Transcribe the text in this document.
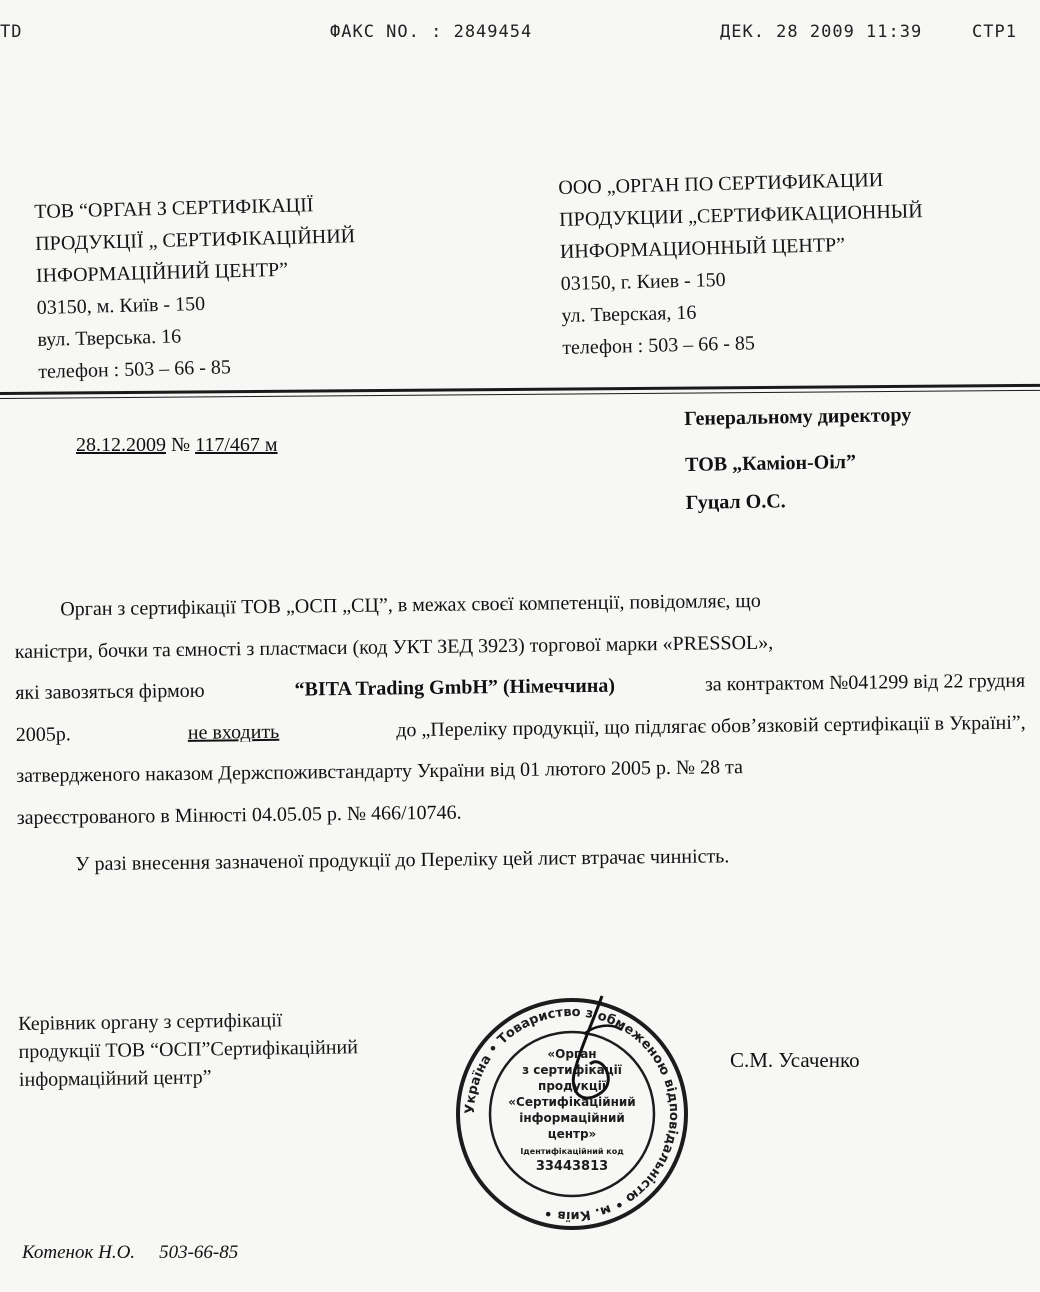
TD	ФАКС NO. : 2849454	ДЕК. 28 2009 11:39	СТР1
ТОВ “ОРГАН З СЕРТИФІКАЦІЇ
ПРОДУКЦІЇ „ СЕРТИФІКАЦІЙНИЙ
ІНФОРМАЦІЙНИЙ ЦЕНТР”
03150, м. Київ - 150
вул. Тверська. 16
телефон : 503 – 66 - 85
ООО „ОРГАН ПО СЕРТИФИКАЦИИ
ПРОДУКЦИИ „СЕРТИФИКАЦИОННЫЙ
ИНФОРМАЦИОННЫЙ ЦЕНТР”
03150, г. Киев - 150
ул. Тверская, 16
телефон : 503 – 66 - 85
28.12.2009 № 117/467 м
Генеральному директору
ТОВ „Каміон-Оіл”
Гуцал О.С.
Орган з сертифікації ТОВ „ОСП „СЦ”, в межах своєї компетенції, повідомляє, що
каністри, бочки та ємності з пластмаси (код УКТ ЗЕД 3923) торгової марки «PRESSOL»,
які завозяться фірмою	“BITA Trading GmbH” (Німеччина)	за контрактом №041299 від 22 грудня
2005р.	не входить	до „Переліку продукції, що підлягає обов’язковій сертифікації в Україні”,
затвердженого наказом Держспоживстандарту України від 01 лютого 2005 р. № 28 та
зареєстрованого в Мінюсті 04.05.05 р. № 466/10746.
У разі внесення зазначеної продукції до Переліку цей лист втрачає чинність.
Керівник органу з сертифікації
продукції ТОВ “ОСП”Сертифікаційний
інформаційний центр”
Україна • Товариство з обмеженою відповідальністю • м. Київ •
«Орган
з сертифікації
продукції
«Сертифікаційний
інформаційний
центр»
Ідентифікаційний код
33443813
С.М. Усаченко
Котенок Н.О. 503-66-85
